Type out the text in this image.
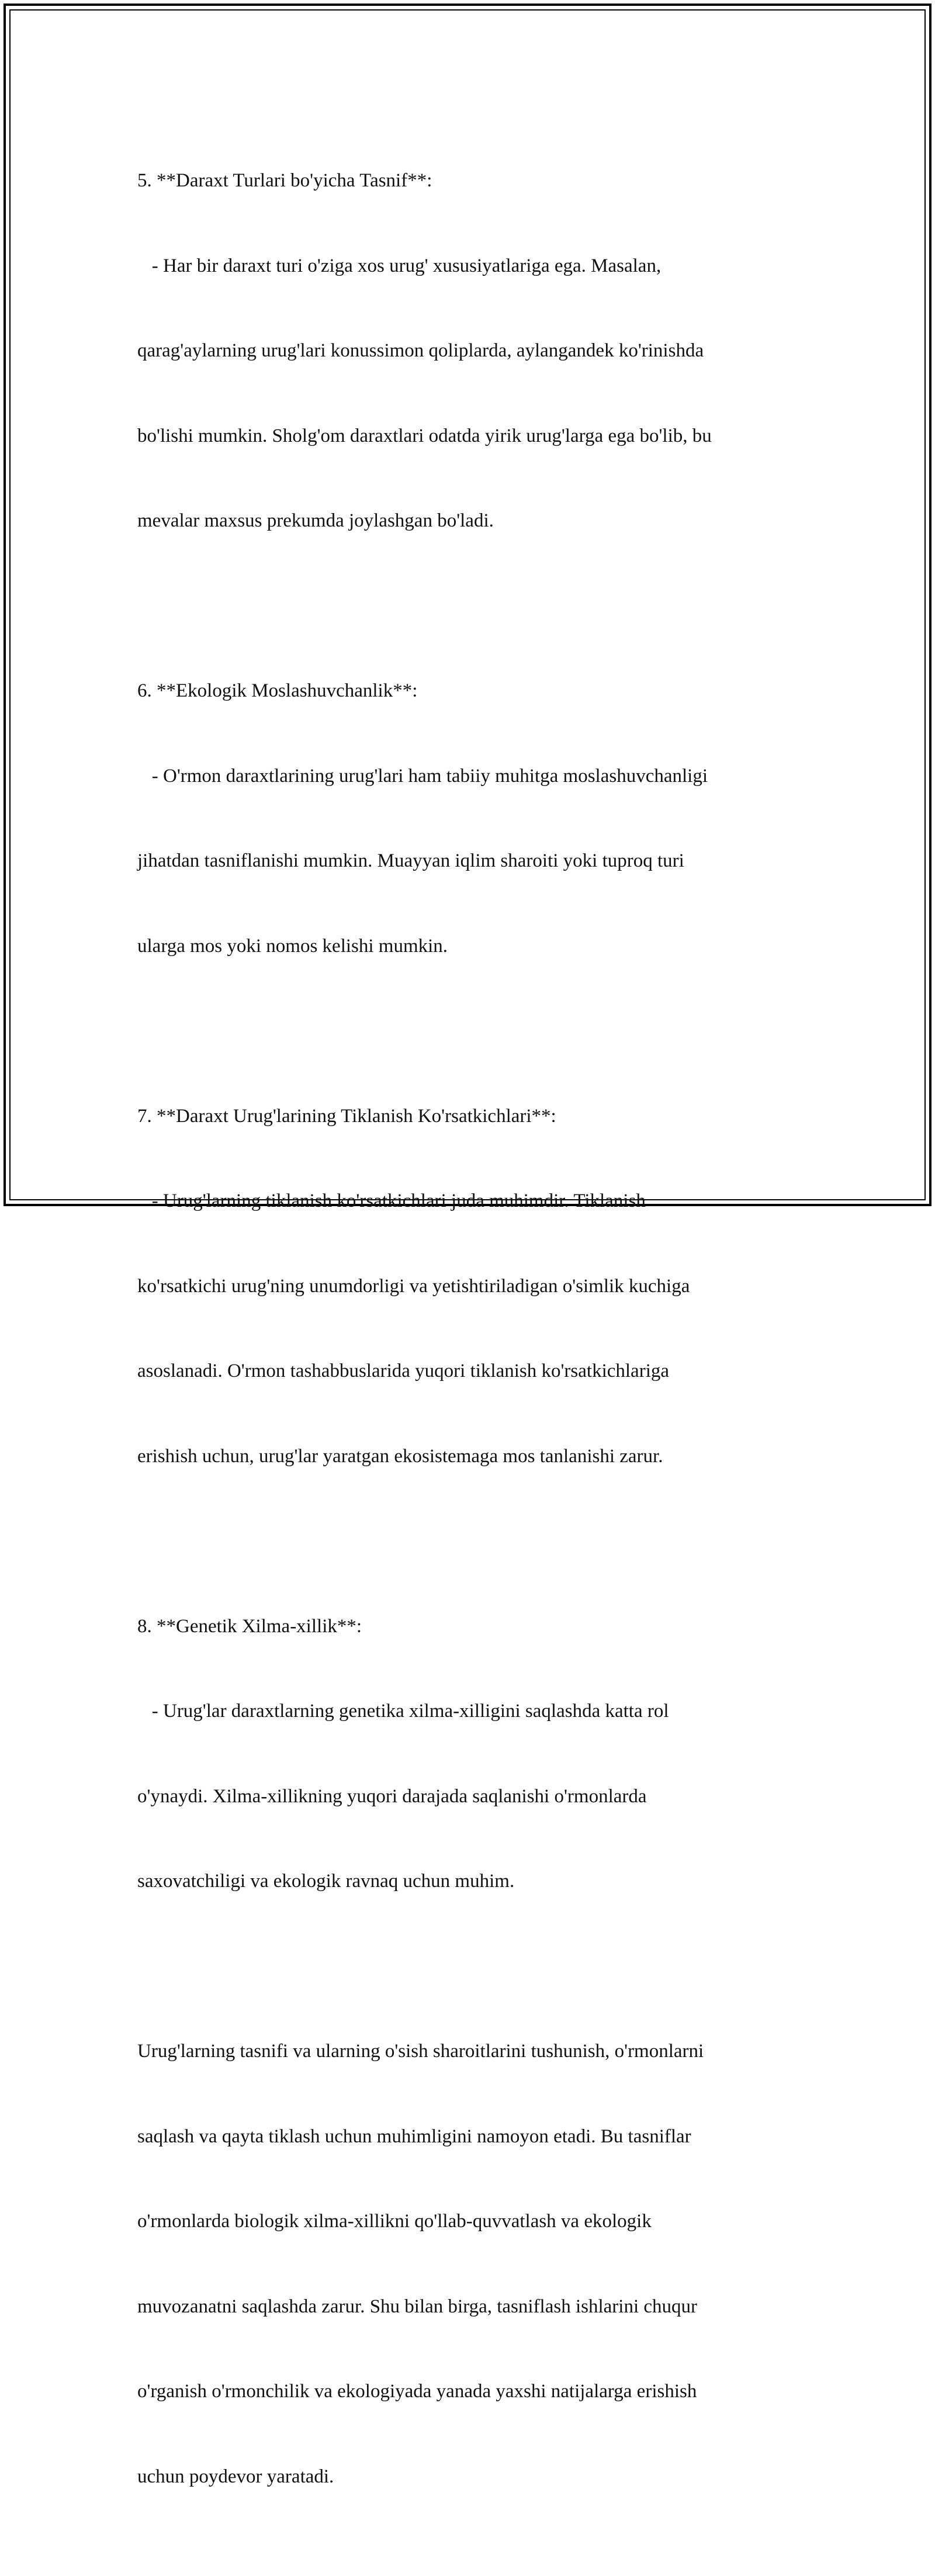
5. **Daraxt Turlari bo'yicha Tasnif**:

- Har bir daraxt turi o'ziga xos urug' xususiyatlariga ega. Masalan,

qarag'aylarning urug'lari konussimon qoliplarda, aylangandek ko'rinishda

bo'lishi mumkin. Sholg'om daraxtlari odatda yirik urug'larga ega bo'lib, bu

mevalar maxsus prekumda joylashgan bo'ladi.

6. **Ekologik Moslashuvchanlik**:

- O'rmon daraxtlarining urug'lari ham tabiiy muhitga moslashuvchanligi

jihatdan tasniflanishi mumkin. Muayyan iqlim sharoiti yoki tuproq turi

ularga mos yoki nomos kelishi mumkin.

7. **Daraxt Urug'larining Tiklanish Ko'rsatkichlari**:

- Urug'larning tiklanish ko'rsatkichlari juda muhimdir. Tiklanish

ko'rsatkichi urug'ning unumdorligi va yetishtiriladigan o'simlik kuchiga

asoslanadi. O'rmon tashabbuslarida yuqori tiklanish ko'rsatkichlariga

erishish uchun, urug'lar yaratgan ekosistemaga mos tanlanishi zarur.

8. **Genetik Xilma-xillik**:

- Urug'lar daraxtlarning genetika xilma-xilligini saqlashda katta rol

o'ynaydi. Xilma-xillikning yuqori darajada saqlanishi o'rmonlarda

saxovatchiligi va ekologik ravnaq uchun muhim.

Urug'larning tasnifi va ularning o'sish sharoitlarini tushunish, o'rmonlarni

saqlash va qayta tiklash uchun muhimligini namoyon etadi. Bu tasniflar

o'rmonlarda biologik xilma-xillikni qo'llab-quvvatlash va ekologik

muvozanatni saqlashda zarur. Shu bilan birga, tasniflash ishlarini chuqur

o'rganish o'rmonchilik va ekologiyada yanada yaxshi natijalarga erishish

uchun poydevor yaratadi.
